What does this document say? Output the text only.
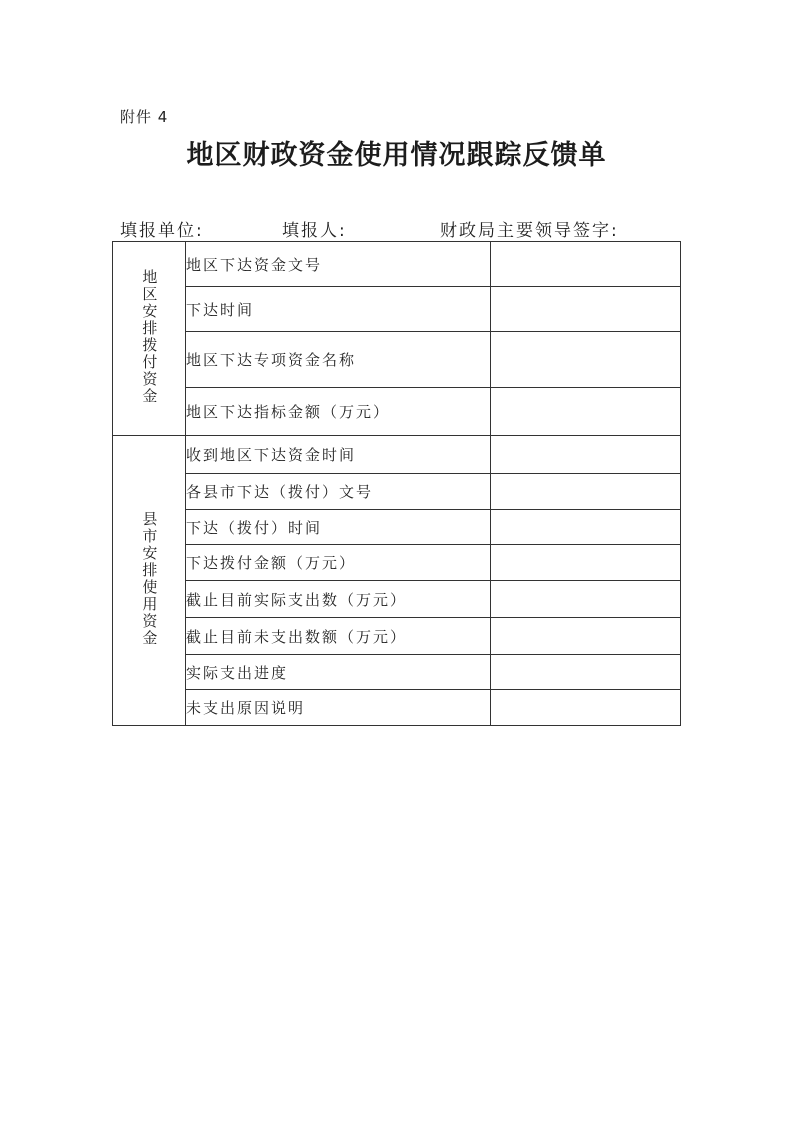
附件 4
地区财政资金使用情况跟踪反馈单
填报单位:	填报人:	财政局主要领导签字:
地区安排拨付资金	地区下达资金文号	
	下达时间	
	地区下达专项资金名称	
	地区下达指标金额（万元）	
县市安排使用资金	收到地区下达资金时间	
	各县市下达（拨付）文号	
	下达（拨付）时间	
	下达拨付金额（万元）	
	截止目前实际支出数（万元）	
	截止目前未支出数额（万元）	
	实际支出进度	
	未支出原因说明	
